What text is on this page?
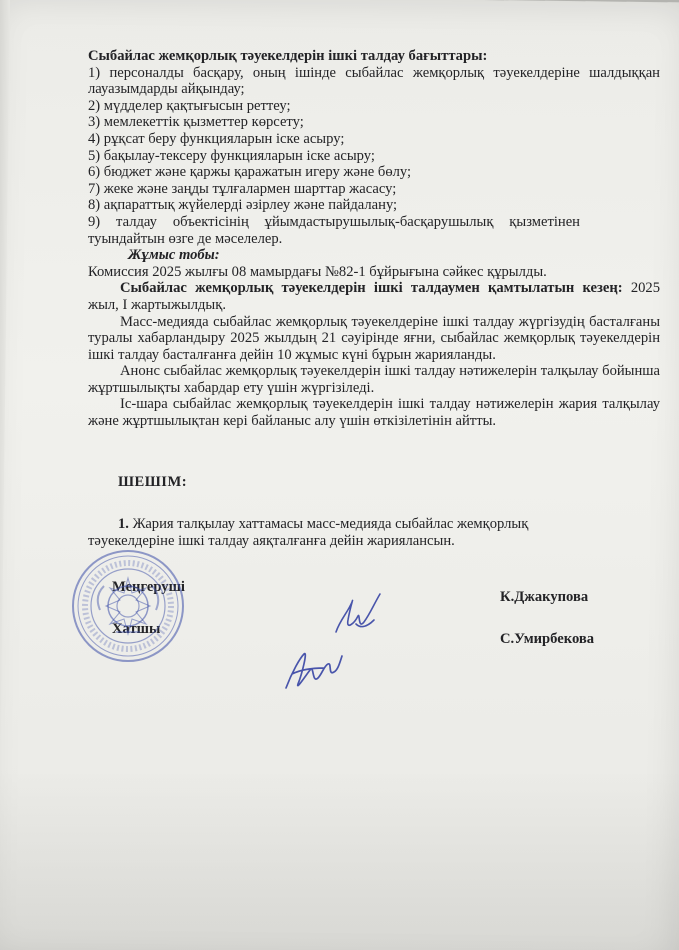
Сыбайлас жемқорлық тәуекелдерін ішкі талдау бағыттары:
1) персоналды басқару, оның ішінде сыбайлас жемқорлық тәуекелдеріне шалдыққан лауазымдарды айқындау;
2) мүдделер қақтығысын реттеу;
3) мемлекеттік қызметтер көрсету;
4) рұқсат беру функцияларын іске асыру;
5) бақылау-тексеру функцияларын іске асыру;
6) бюджет және қаржы қаражатын игеру және бөлу;
7) жеке және заңды тұлғалармен шарттар жасасу;
8) ақпараттық жүйелерді әзірлеу және пайдалану;
9) талдау объектісінің ұйымдастырушылық-басқарушылық қызметінен туындайтын өзге де мәселелер.
Жұмыс тобы:
Комиссия 2025 жылғы 08 мамырдағы №82-1 бұйрығына сәйкес құрылды.
Сыбайлас жемқорлық тәуекелдерін ішкі талдаумен қамтылатын кезең: 2025 жыл, I жартыжылдық.
Масс-медияда сыбайлас жемқорлық тәуекелдеріне ішкі талдау жүргізудің басталғаны туралы хабарландыру 2025 жылдың 21 сәуірінде яғни, сыбайлас жемқорлық тәуекелдерін ішкі талдау басталғанға дейін 10 жұмыс күні бұрын жарияланды.
Анонс сыбайлас жемқорлық тәуекелдерін ішкі талдау нәтижелерін талқылау бойынша жұртшылықты хабардар ету үшін жүргізіледі.
Іс-шара сыбайлас жемқорлық тәуекелдерін ішкі талдау нәтижелерін жария талқылау және жұртшылықтан кері байланыс алу үшін өткізілетінін айтты.
ШЕШІМ:
1. Жария талқылау хаттамасы масс-медияда сыбайлас жемқорлық тәуекелдеріне ішкі талдау аяқталғанға дейін жариялансын.
Меңгеруші
К.Джакупова
Хатшы
С.Умирбекова
